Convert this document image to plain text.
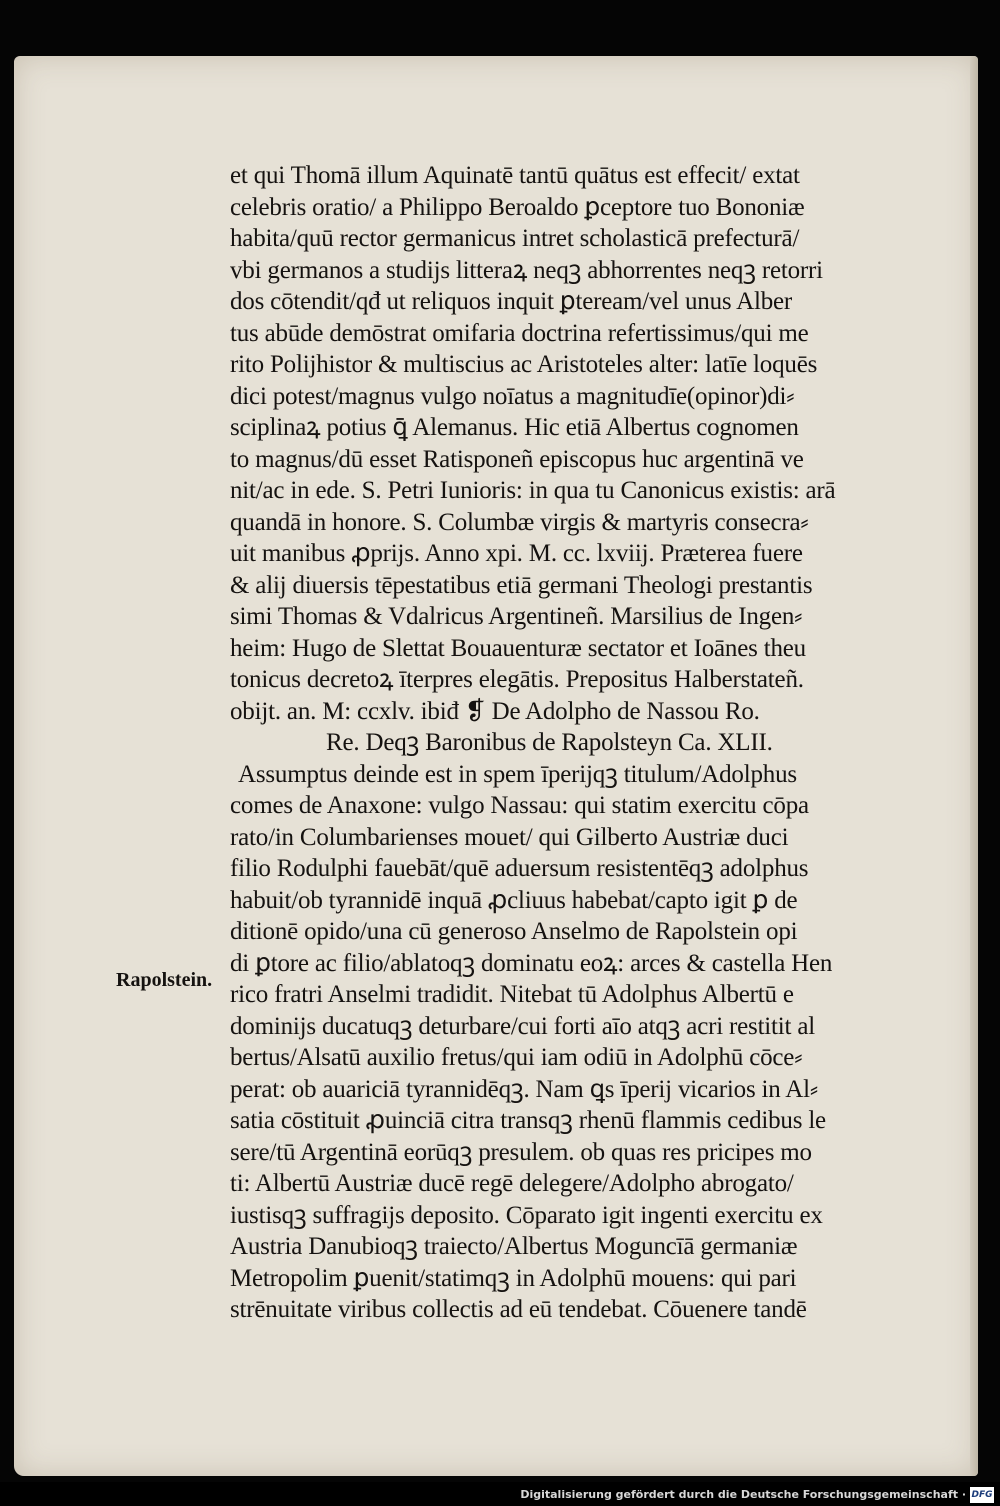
Rapolstein.
et qui Thomā illum Aquinatē tantū quātus est effecit/ extat
celebris oratio/ a Philippo Beroaldo ꝑceptore tuo Bononiæ
habita/quū rector germanicus intret scholasticā prefecturā/
vbi germanos a studijs litteraꝝ neqꝫ abhorrentes neqꝫ retorri
dos cōtendit/qđ ut reliquos inquit ꝑteream/vel unus Alber
tus abūde demōstrat omifaria doctrina refertissimus/qui me
rito Polijhistor & multiscius ac Aristoteles alter: latīe loquēs
dici potest/magnus vulgo noīatus a magnitudīe(opinor)di⸗
sciplinaꝝ potius ꝗ̄ Alemanus. Hic etiā Albertus cognomen
to magnus/dū esset Ratisponeñ episcopus huc argentinā ve
nit/ac in ede. S. Petri Iunioris: in qua tu Canonicus existis: arā
quandā in honore. S. Columbæ virgis & martyris consecra⸗
uit manibus ꝓprijs. Anno xpi. M. cc. lxviij. Præterea fuere
& alij diuersis tēpestatibus etiā germani Theologi prestantis
simi Thomas & Vdalricus Argentineñ. Marsilius de Ingen⸗
heim: Hugo de Slettat Bouauenturæ sectator et Ioānes theu
tonicus decretoꝝ īterpres elegātis. Prepositus Halberstateñ.
obijt. an. M: ccxlv. ibiđ ❡ De Adolpho de Nassou Ro.
Re. Deqꝫ Baronibus de Rapolsteyn Ca. XLII.
Assumptus deinde est in spem īperijqꝫ titulum/Adolphus
comes de Anaxone: vulgo Nassau: qui statim exercitu cōpa
rato/in Columbarienses mouet/ qui Gilberto Austriæ duci
filio Rodulphi fauebāt/quē aduersum resistentēqꝫ adolphus
habuit/ob tyrannidē inquā ꝓcliuus habebat/capto igit ꝑ de
ditionē opido/una cū generoso Anselmo de Rapolstein opi
di ꝑtore ac filio/ablatoqꝫ dominatu eoꝝ: arces & castella Hen
rico fratri Anselmi tradidit. Nitebat tū Adolphus Albertū e
dominijs ducatuqꝫ deturbare/cui forti aīo atqꝫ acri restitit al
bertus/Alsatū auxilio fretus/qui iam odiū in Adolphū cōce⸗
perat: ob auariciā tyrannidēqꝫ. Nam ꝗs īperij vicarios in Al⸗
satia cōstituit ꝓuinciā citra transqꝫ rhenū flammis cedibus le
sere/tū Argentinā eorūqꝫ presulem. ob quas res pricipes mo
ti: Albertū Austriæ ducē regē delegere/Adolpho abrogato/
iustisqꝫ suffragijs deposito. Cōparato igit ingenti exercitu ex
Austria Danubioqꝫ traiecto/Albertus Moguncīā germaniæ
Metropolim ꝑuenit/statimqꝫ in Adolphū mouens: qui pari
strēnuitate viribus collectis ad eū tendebat. Cōuenere tandē
Digitalisierung gefördert durch die Deutsche Forschungsgemeinschaft · DFG
